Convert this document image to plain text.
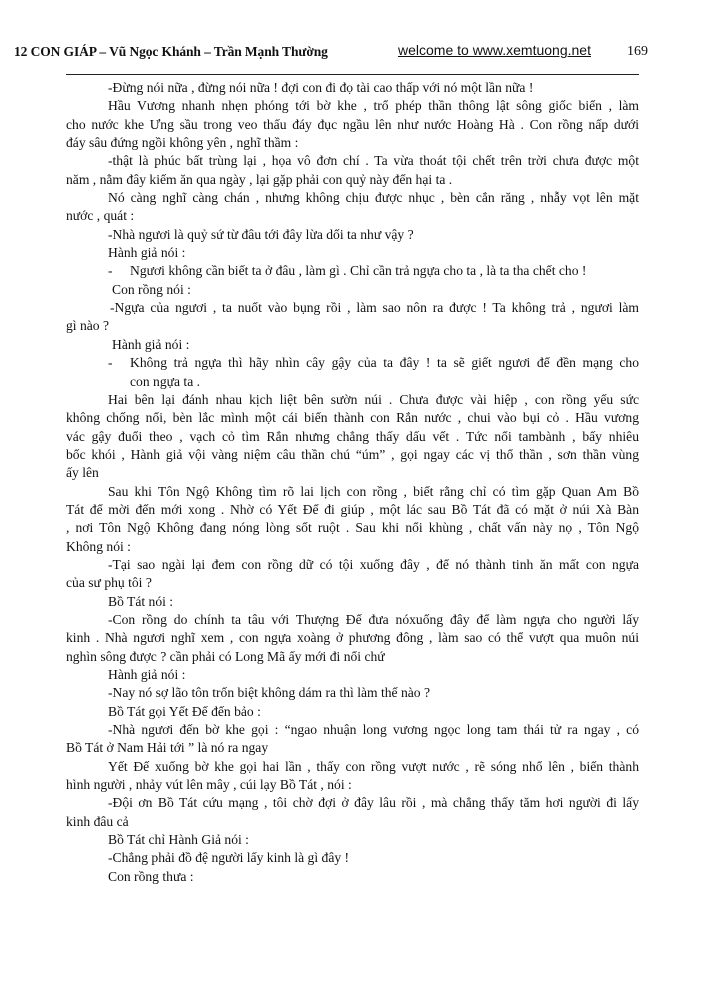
12 CON GIÁP – Vũ Ngọc Khánh – Trần Mạnh Thường	welcome to www.xemtuong.net	169
-Đừng nói nữa , đừng nói nữa ! đợi con đi đọ tài cao thấp với nó một lần nữa !
Hầu Vương nhanh nhẹn phóng tới bờ khe , trổ phép thần thông lật sông giốc biển , làm
cho nước khe Ưng sầu trong veo thấu đáy đục ngầu lên như nước Hoàng Hà . Con rồng nấp dưới
đáy sâu đứng ngồi không yên , nghĩ thầm :
-thật là phúc bất trùng lại , họa vô đơn chí . Ta vừa thoát tội chết trên trời chưa được một
năm , nằm đây kiếm ăn qua ngày , lại gặp phải con quỷ này đến hại ta .
Nó càng nghĩ càng chán , nhưng không chịu được nhục , bèn cắn răng , nhẫy vọt lên mặt
nước , quát :
-Nhà ngươi là quỷ sứ từ đâu tới đây lừa dối ta như vậy ?
Hành giả nói :
-	Ngươi không cần biết ta ở đâu , làm gì . Chỉ cần trả ngựa cho ta , là ta tha chết cho !
Con rồng nói :
-Ngựa của ngươi , ta nuốt vào bụng rồi , làm sao nôn ra được ! Ta không trả , ngươi làm
gì nào ?
Hành giả nói :
-	Không trả ngựa thì hãy nhìn cây gậy của ta đây ! ta sẽ giết ngươi để đền mạng cho
con ngựa ta .
Hai bên lại đánh nhau kịch liệt bên sườn núi . Chưa được vài hiệp , con rồng yếu sức
không chống nổi, bèn lắc mình một cái biến thành con Rắn nước , chui vào bụi cỏ . Hầu vương
vác gậy đuổi theo , vạch cỏ tìm Rắn nhưng chẳng thấy dấu vết . Tức nổi tambành , bấy nhiêu
bốc khói , Hành giả vội vàng niệm câu thần chú “úm” , gọi ngay các vị thổ thần , sơn thần vùng
ấy lên
Sau khi Tôn Ngộ Không tìm rõ lai lịch con rồng , biết rằng chỉ có tìm gặp Quan Am Bồ
Tát để mời đến mới xong . Nhờ có Yết Đế đi giúp , một lác sau Bồ Tát đã có mặt ở núi Xà Bàn
, nơi Tôn Ngộ Không đang nóng lòng sốt ruột . Sau khi nổi khùng , chất vấn này nọ , Tôn Ngộ
Không nói :
-Tại sao ngài lại đem con rồng dữ có tội xuống đây , để nó thành tinh ăn mất con ngựa
của sư phụ tôi ?
Bồ Tát nói :
-Con rồng do chính ta tâu với Thượng Đế đưa nóxuống đây để làm ngựa cho người lấy
kinh . Nhà ngươi nghĩ xem , con ngựa xoàng ở phương đông , làm sao có thể vượt qua muôn núi
nghìn sông được ? cần phải có Long Mã ấy mới đi nổi chứ
Hành giả nói :
-Nay nó sợ lão tôn trốn biệt không dám ra thì làm thế nào ?
Bồ Tát gọi Yết Đế đến bảo :
-Nhà ngươi đến bờ khe gọi : “ngao nhuận long vương ngọc long tam thái tử ra ngay , có
Bồ Tát ở Nam Hải tới ” là nó ra ngay
Yết Đế xuống bờ khe gọi hai lần , thấy con rồng vượt nước , rẽ sóng nhổ lên , biến thành
hình người , nhảy vút lên mây , cúi lạy Bồ Tát , nói :
-Đội ơn Bồ Tát cứu mạng , tôi chờ đợi ở đây lâu rồi , mà chẳng thấy tăm hơi người đi lấy
kinh đâu cả
Bồ Tát chỉ Hành Giả nói :
-Chẳng phải đồ đệ người lấy kinh là gì đây !
Con rồng thưa :
